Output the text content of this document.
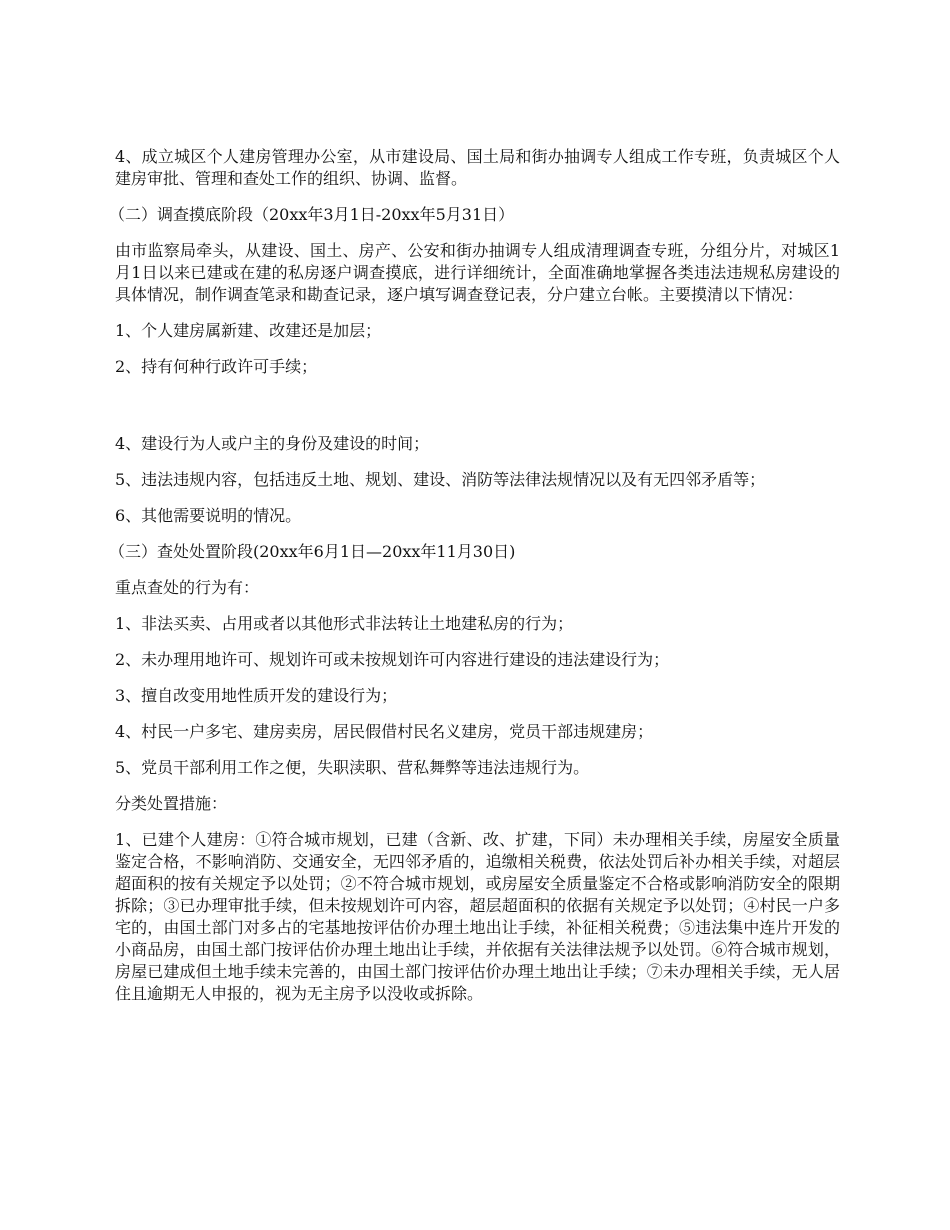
4、成立城区个人建房管理办公室，从市建设局、国土局和街办抽调专人组成工作专班，负责城区个人建房审批、管理和查处工作的组织、协调、监督。

（二）调查摸底阶段（20xx年3月1日-20xx年5月31日）

由市监察局牵头，从建设、国土、房产、公安和街办抽调专人组成清理调查专班，分组分片，对城区1月1日以来已建或在建的私房逐户调查摸底，进行详细统计，全面准确地掌握各类违法违规私房建设的具体情况，制作调查笔录和勘查记录，逐户填写调查登记表，分户建立台帐。主要摸清以下情况：

1、个人建房属新建、改建还是加层；

2、持有何种行政许可手续；

4、建设行为人或户主的身份及建设的时间；

5、违法违规内容，包括违反土地、规划、建设、消防等法律法规情况以及有无四邻矛盾等；

6、其他需要说明的情况。

（三）查处处置阶段(20xx年6月1日—20xx年11月30日)

重点查处的行为有：

1、非法买卖、占用或者以其他形式非法转让土地建私房的行为；

2、未办理用地许可、规划许可或未按规划许可内容进行建设的违法建设行为；

3、擅自改变用地性质开发的建设行为；

4、村民一户多宅、建房卖房，居民假借村民名义建房，党员干部违规建房；

5、党员干部利用工作之便，失职渎职、营私舞弊等违法违规行为。

分类处置措施：

1、已建个人建房：①符合城市规划，已建（含新、改、扩建，下同）未办理相关手续，房屋安全质量鉴定合格，不影响消防、交通安全，无四邻矛盾的，追缴相关税费，依法处罚后补办相关手续，对超层超面积的按有关规定予以处罚；②不符合城市规划，或房屋安全质量鉴定不合格或影响消防安全的限期拆除；③已办理审批手续，但未按规划许可内容，超层超面积的依据有关规定予以处罚；④村民一户多宅的，由国土部门对多占的宅基地按评估价办理土地出让手续，补征相关税费；⑤违法集中连片开发的小商品房，由国土部门按评估价办理土地出让手续，并依据有关法律法规予以处罚。⑥符合城市规划，房屋已建成但土地手续未完善的，由国土部门按评估价办理土地出让手续；⑦未办理相关手续，无人居住且逾期无人申报的，视为无主房予以没收或拆除。
